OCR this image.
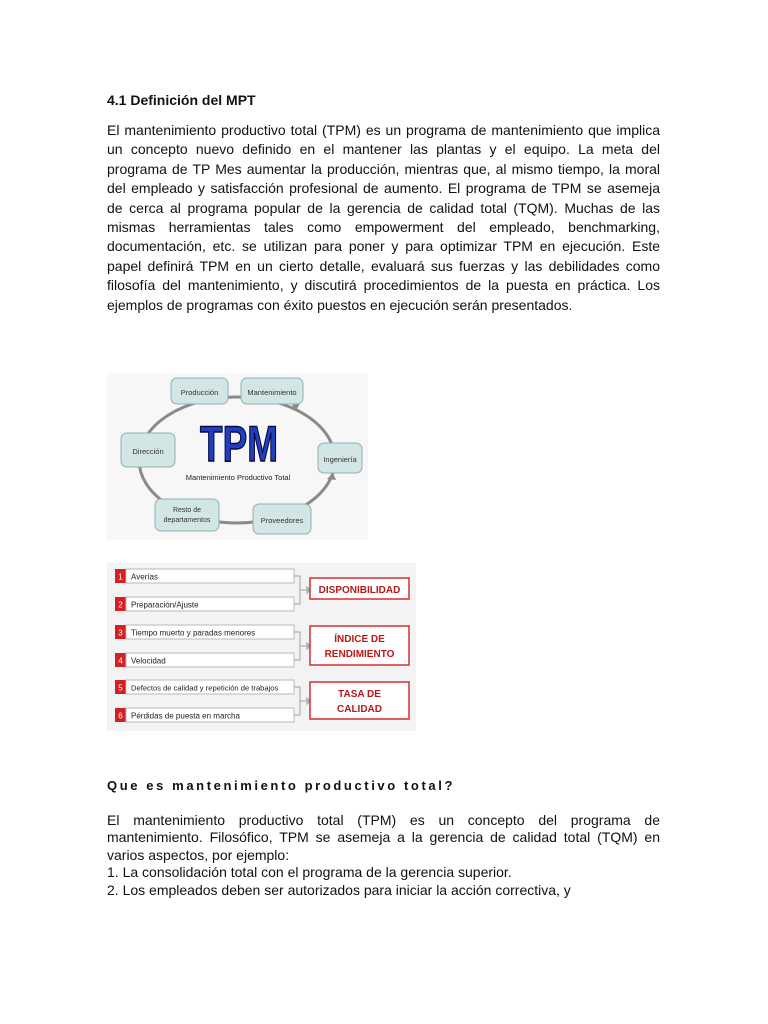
4.1 Definición del MPT

El mantenimiento productivo total (TPM) es un programa de mantenimiento que implica un concepto nuevo definido en el mantener las plantas y el equipo. La meta del programa de TP Mes aumentar la producción, mientras que, al mismo tiempo, la moral del empleado y satisfacción profesional de aumento. El programa de TPM se asemeja de cerca al programa popular de la gerencia de calidad total (TQM). Muchas de las mismas herramientas tales como empowerment del empleado, benchmarking, documentación, etc. se utilizan para poner y para optimizar TPM en ejecución. Este papel definirá TPM en un cierto detalle, evaluará sus fuerzas y las debilidades como filosofía del mantenimiento, y discutirá procedimientos de la puesta en práctica. Los ejemplos de programas con éxito puestos en ejecución serán presentados.

Producción	Mantenimiento
Ingeniería
Proveedores
Resto de
departamentos
Dirección TPM
Mantenimiento Productivo Total
1 Averías
2 Preparación/Ajuste
3 Tiempo muerto y paradas menores
4 Velocidad
5 Defectos de calidad y repetición de trabajos
6 Pérdidas de puesta en marcha
DISPONIBILIDAD
ÍNDICE DE
RENDIMIENTO
TASA DE
CALIDAD
Que es mantenimiento productivo total?
El mantenimiento productivo total (TPM) es un concepto del programa de mantenimiento. Filosófico, TPM se asemeja a la gerencia de calidad total (TQM) en varios aspectos, por ejemplo:
1. La consolidación total con el programa de la gerencia superior.
2. Los empleados deben ser autorizados para iniciar la acción correctiva, y
